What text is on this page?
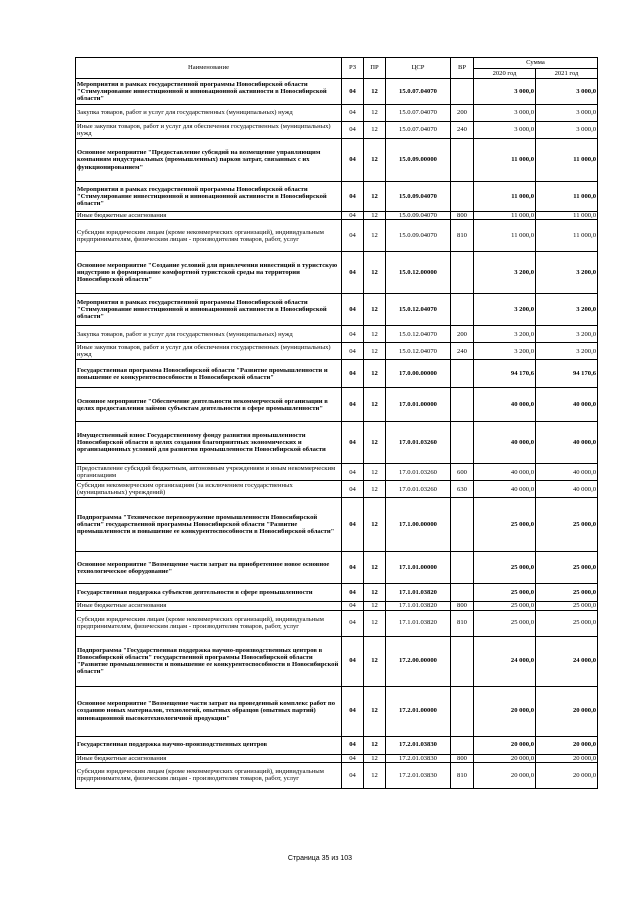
Наименование	РЗ	ПР	ЦСР	ВР	Сумма	
					2020 год	2021 год
Мероприятия в рамках государственной программы Новосибирской области "Стимулирование инвестиционной и инновационной активности в Новосибирской области"	04	12	15.0.07.04070		3 000,0	3 000,0
Закупка товаров, работ и услуг для государственных (муниципальных) нужд	04	12	15.0.07.04070	200	3 000,0	3 000,0
Иные закупки товаров, работ и услуг для обеспечения государственных (муниципальных) нужд	04	12	15.0.07.04070	240	3 000,0	3 000,0
Основное мероприятие "Предоставление субсидий на возмещение управляющим компаниям индустриальных (промышленных) парков затрат, связанных с их функционированием"	04	12	15.0.09.00000		11 000,0	11 000,0
Мероприятия в рамках государственной программы Новосибирской области "Стимулирование инвестиционной и инновационной активности в Новосибирской области"	04	12	15.0.09.04070		11 000,0	11 000,0
Иные бюджетные ассигнования	04	12	15.0.09.04070	800	11 000,0	11 000,0
Субсидии юридическим лицам (кроме некоммерческих организаций), индивидуальным предпринимателям, физическим лицам - производителям товаров, работ, услуг	04	12	15.0.09.04070	810	11 000,0	11 000,0
Основное мероприятие "Создание условий для привлечения инвестиций в туристскую индустрию и формирование комфортной туристской среды на территории Новосибирской области"	04	12	15.0.12.00000		3 200,0	3 200,0
Мероприятия в рамках государственной программы Новосибирской области "Стимулирование инвестиционной и инновационной активности в Новосибирской области"	04	12	15.0.12.04070		3 200,0	3 200,0
Закупка товаров, работ и услуг для государственных (муниципальных) нужд	04	12	15.0.12.04070	200	3 200,0	3 200,0
Иные закупки товаров, работ и услуг для обеспечения государственных (муниципальных) нужд	04	12	15.0.12.04070	240	3 200,0	3 200,0
Государственная программа Новосибирской области "Развитие промышленности и повышение ее конкурентоспособности в Новосибирской области"	04	12	17.0.00.00000		94 170,6	94 170,6
Основное мероприятие "Обеспечение деятельности некоммерческой организации в целях предоставления займов субъектам деятельности в сфере промышленности"	04	12	17.0.01.00000		40 000,0	40 000,0
Имущественный взнос Государственному фонду развития промышленности Новосибирской области в целях создания благоприятных экономических и организационных условий для развития промышленности Новосибирской области	04	12	17.0.01.03260		40 000,0	40 000,0
Предоставление субсидий бюджетным, автономным учреждениям и иным некоммерческим организациям	04	12	17.0.01.03260	600	40 000,0	40 000,0
Субсидии некоммерческим организациям (за исключением государственных (муниципальных) учреждений)	04	12	17.0.01.03260	630	40 000,0	40 000,0
Подпрограмма "Техническое перевооружение промышленности Новосибирской области" государственной программы Новосибирской области "Развитие промышленности и повышение ее конкурентоспособности в Новосибирской области"	04	12	17.1.00.00000		25 000,0	25 000,0
Основное мероприятие "Возмещение части затрат на приобретенное новое основное технологическое оборудование"	04	12	17.1.01.00000		25 000,0	25 000,0
Государственная поддержка субъектов деятельности в сфере промышленности	04	12	17.1.01.03820		25 000,0	25 000,0
Иные бюджетные ассигнования	04	12	17.1.01.03820	800	25 000,0	25 000,0
Субсидии юридическим лицам (кроме некоммерческих организаций), индивидуальным предпринимателям, физическим лицам - производителям товаров, работ, услуг	04	12	17.1.01.03820	810	25 000,0	25 000,0
Подпрограмма "Государственная поддержка научно-производственных центров в Новосибирской области" государственной программы Новосибирской области "Развитие промышленности и повышение ее конкурентоспособности в Новосибирской области"	04	12	17.2.00.00000		24 000,0	24 000,0
Основное мероприятие "Возмещение части затрат на проведенный комплекс работ по созданию новых материалов, технологий, опытных образцов (опытных партий) инновационной высокотехнологичной продукции"	04	12	17.2.01.00000		20 000,0	20 000,0
Государственная поддержка научно-производственных центров	04	12	17.2.01.03830		20 000,0	20 000,0
Иные бюджетные ассигнования	04	12	17.2.01.03830	800	20 000,0	20 000,0
Субсидии юридическим лицам (кроме некоммерческих организаций), индивидуальным предпринимателям, физическим лицам - производителям товаров, работ, услуг	04	12	17.2.01.03830	810	20 000,0	20 000,0
Страница 35 из 103
